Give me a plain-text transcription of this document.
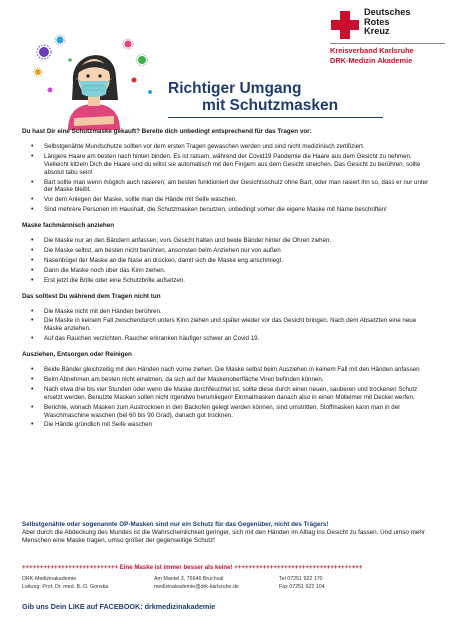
Deutsches
Rotes
Kreuz
Kreisverband Karlsruhe
DRK-Medizin Akademie
Richtiger Umgang
mit Schutzmasken
Du hast Dir eine Schutzmaske gekauft? Bereite dich unbedingt entsprechend für das Tragen vor:
• Selbstgenähte Mundschutze sollten vor dem ersten Tragen gewaschen werden und sind nicht medizinisch zertifiziert.
• Längere Haare am besten nach hinten binden. Es ist ratsam, während der Covid19 Pandemie die Haare aus dem Gesicht zu nehmen. Vielleicht kitzeln Dich die Haare und du willst sie automatisch mit den Fingern aus dem Gesicht streichen. Das Gesicht zu berühren, sollte absolut tabu sein!
• Bart sollte man wenn möglich auch rasieren; am besten funktioniert der Gesichtsschutz ohne Bart, oder man rasiert ihn so, dass er nur unter der Maske bleibt.
• Vor dem Anlegen der Maske, sollte man die Hände mit Seife waschen.
• Sind mehrere Personen im Haushalt, die Schutzmasken benutzen, unbedingt vorher die eigene Maske mit Name beschriften!
Maske fachmännisch anziehen
• Die Maske nur an den Bändern anfassen, vors Gesicht halten und beide Bänder hinter die Ohren ziehen.
• Die Maske selbst, am besten nicht berühren, ansonsten beim Anziehen nur von außen
• Nasenbügel der Maske an die Nase an drücken, damit sich die Maske eng anschmiegt.
• Dann die Maske noch über das Kinn ziehen.
• Erst jetzt die Brille oder eine Schutzbrille aufsetzen.
Das solltest Du während dem Tragen nicht tun
• Die Maske nicht mit den Händen berühren.
• Die Maske in keinem Fall zwischendurch unters Kinn ziehen und später wieder vor das Gesicht bringen. Nach dem Absetzten eine neue Maske anziehen.
• Auf das Rauchen verzichten. Raucher erkranken häufiger schwer an Covid 19.
Ausziehen, Entsorgen oder Reinigen
• Beide Bänder gleichzeitig mit den Händen nach vorne ziehen. Die Maske selbst beim Ausziehen in keinem Fall mit den Händen anfassen
• Beim Abnehmen am besten nicht einatmen, da sich auf der Maskenoberfläche Viren befinden können.
• Nach etwa drei bis vier Stunden oder wenn die Maske durchfeuchtet ist, sollte diese durch einen neuen, sauberen und trockenen Schutz ersetzt werden. Benutzte Masken sollen nicht irgendwo herumliegen! Einmalmasken danach also in einen Mülleimer mit Deckel werfen.
• Berichte, wonach Masken zum Austrocknen in den Backofen gelegt werden können, sind umstritten. Stoffmasken kann man in der Waschmaschine waschen (bei 60 bis 90 Grad), danach gut trocknen.
• Die Hände gründlich mit Seife waschen
Selbstgenähte oder sogenannte OP-Masken sind nur ein Schutz für das Gegenüber, nicht des Trägers!
Aber durch die Abdeckung des Mundes ist die Wahrscheinlichkeit geringer, sich mit den Händen im Alltag ins Gesicht zu fassen. Und umso mehr Menschen eine Maske tragen, umso größer der gegenseitige Schutz!
+++++++++++++++++++++++++++ Eine Maske ist immer besser als keine! ++++++++++++++++++++++++++++++++++++
DRK-Medizinakademie
Leitung: Prof. Dr. med. B.-D. Gonska
Am Mantel 3, 76646 Bruchsal
medizinakademie@drk-karlsruhe.de
Tel 07251 922 170
Fax 07251 922 104
Gib uns Dein LIKE auf FACEBOOK: drkmedizinakademie
